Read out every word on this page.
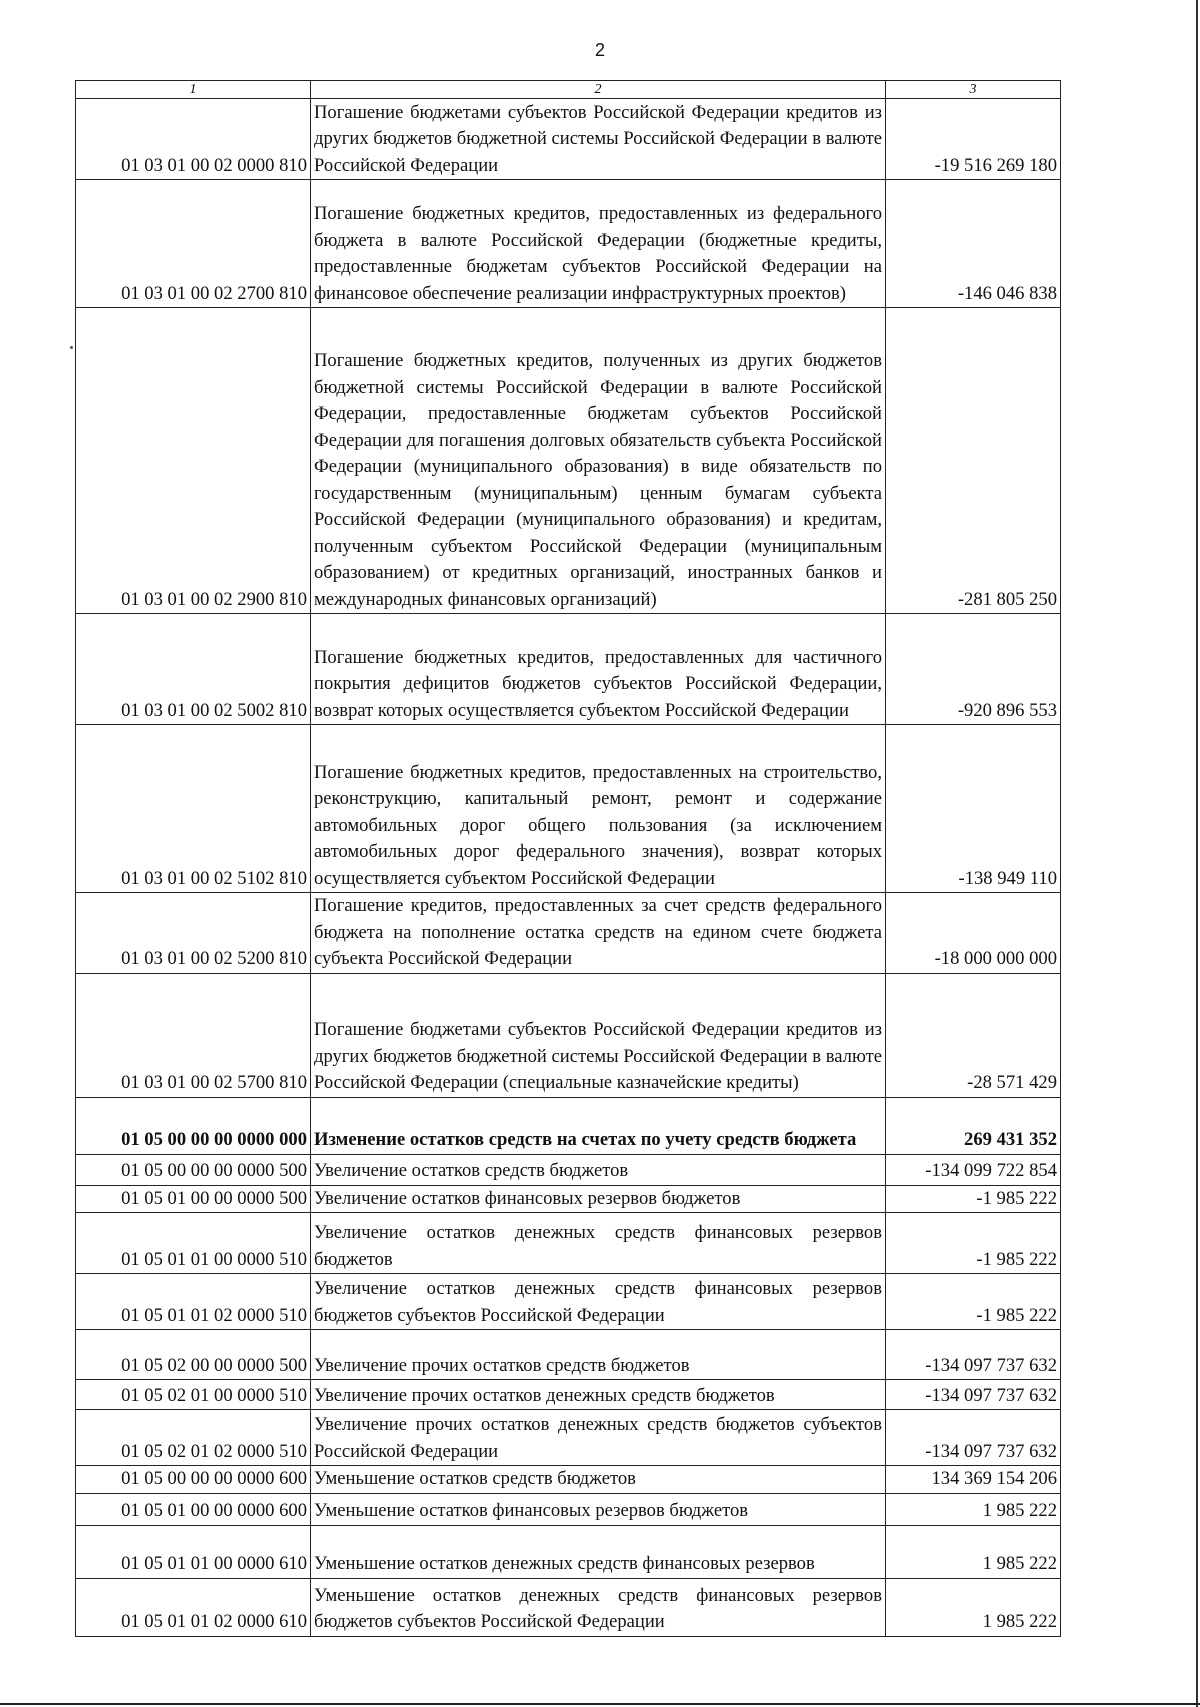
2
1	2	3
01 03 01 00 02 0000 810	Погашение бюджетами субъектов Российской Федерации кредитов из других бюджетов бюджетной системы Российской Федерации в валюте Российской Федерации	-19 516 269 180
01 03 01 00 02 2700 810	Погашение бюджетных кредитов, предоставленных из федерального бюджета в валюте Российской Федерации (бюджетные кредиты, предоставленные бюджетам субъектов Российской Федерации на финансовое обеспечение реализации инфраструктурных проектов)	-146 046 838
01 03 01 00 02 2900 810	Погашение бюджетных кредитов, полученных из других бюджетов бюджетной системы Российской Федерации в валюте Российской Федерации, предоставленные бюджетам субъектов Российской Федерации для погашения долговых обязательств субъекта Российской Федерации (муниципального образования) в виде обязательств по государственным (муниципальным) ценным бумагам субъекта Российской Федерации (муниципального образования) и кредитам, полученным субъектом Российской Федерации (муниципальным образованием) от кредитных организаций, иностранных банков и международных финансовых организаций)	-281 805 250
01 03 01 00 02 5002 810	Погашение бюджетных кредитов, предоставленных для частичного покрытия дефицитов бюджетов субъектов Российской Федерации, возврат которых осуществляется субъектом Российской Федерации	-920 896 553
01 03 01 00 02 5102 810	Погашение бюджетных кредитов, предоставленных на строительство, реконструкцию, капитальный ремонт, ремонт и содержание автомобильных дорог общего пользования (за исключением автомобильных дорог федерального значения), возврат которых осуществляется субъектом Российской Федерации	-138 949 110
01 03 01 00 02 5200 810	Погашение кредитов, предоставленных за счет средств федерального бюджета на пополнение остатка средств на едином счете бюджета субъекта Российской Федерации	-18 000 000 000
01 03 01 00 02 5700 810	Погашение бюджетами субъектов Российской Федерации кредитов из других бюджетов бюджетной системы Российской Федерации в валюте Российской Федерации (специальные казначейские кредиты)	-28 571 429
01 05 00 00 00 0000 000	Изменение остатков средств на счетах по учету средств бюджета	269 431 352
01 05 00 00 00 0000 500	Увеличение остатков средств бюджетов	-134 099 722 854
01 05 01 00 00 0000 500	Увеличение остатков финансовых резервов бюджетов	-1 985 222
01 05 01 01 00 0000 510	Увеличение остатков денежных средств финансовых резервов бюджетов	-1 985 222
01 05 01 01 02 0000 510	Увеличение остатков денежных средств финансовых резервов бюджетов субъектов Российской Федерации	-1 985 222
01 05 02 00 00 0000 500	Увеличение прочих остатков средств бюджетов	-134 097 737 632
01 05 02 01 00 0000 510	Увеличение прочих остатков денежных средств бюджетов	-134 097 737 632
01 05 02 01 02 0000 510	Увеличение прочих остатков денежных средств бюджетов субъектов Российской Федерации	-134 097 737 632
01 05 00 00 00 0000 600	Уменьшение остатков средств бюджетов	134 369 154 206
01 05 01 00 00 0000 600	Уменьшение остатков финансовых резервов бюджетов	1 985 222
01 05 01 01 00 0000 610	Уменьшение остатков денежных средств финансовых резервов	1 985 222
01 05 01 01 02 0000 610	Уменьшение остатков денежных средств финансовых резервов бюджетов субъектов Российской Федерации	1 985 222
